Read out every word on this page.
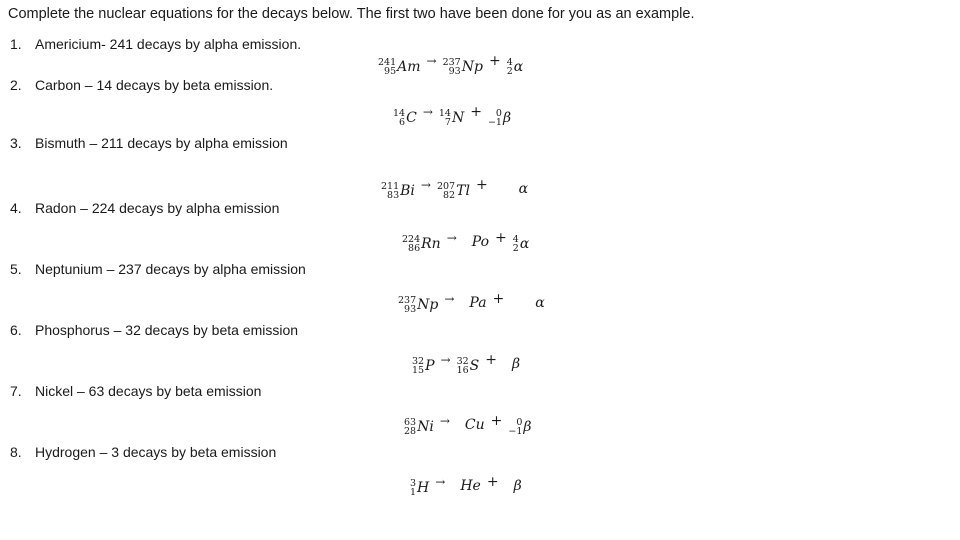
Complete the nuclear equations for the decays below. The first two have been done for you as an example.
1. Americium- 241 decays by alpha emission.
2. Carbon – 14 decays by beta emission.
3. Bismuth – 211 decays by alpha emission
4. Radon – 224 decays by alpha emission
5. Neptunium – 237 decays by alpha emission
6. Phosphorus – 32 decays by beta emission
7. Nickel – 63 decays by beta emission
8. Hydrogen – 3 decays by beta emission
241
95 Am → 237
93 Np + 4
2 α
14
6 C → 14
7 N + 0
−1 β
211
83 Bi → 207
82 Tl + α
224
86 Rn → Po + 4
2 α
237
93 Np → Pa + α
32
15 P → 32
16 S + β
63
28 Ni → Cu + 0
−1 β
3
1 H → He + β
